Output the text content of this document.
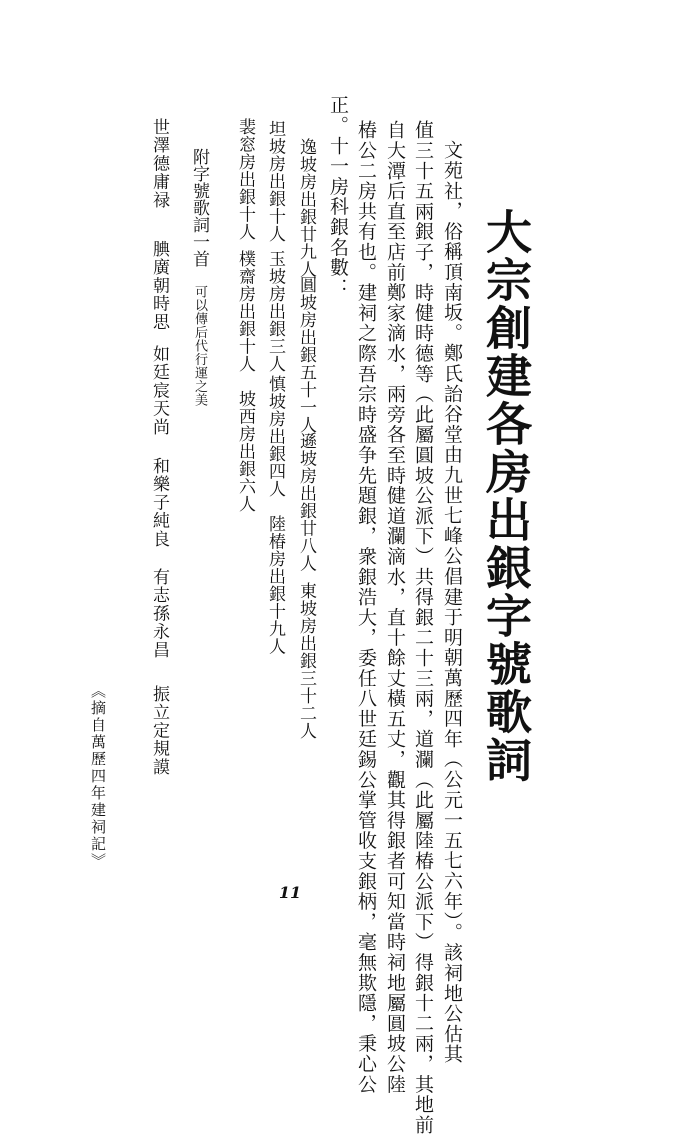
大宗創建各房出銀字號歌詞
文苑社，俗稱頂南坂。鄭氏詒谷堂由九世七峰公倡建于明朝萬歷四年（公元一五七六年）。該祠地公估其
值三十五兩銀子，時健時德等（此屬圓坡公派下）共得銀二十三兩，道瀾（此屬陸椿公派下）得銀十二兩，其地前
自大潭后直至店前鄭家滴水，兩旁各至時健道瀾滴水，直十餘丈橫五丈，觀其得銀者可知當時祠地屬圓坡公陸
椿公二房共有也。建祠之際吾宗時盛争先題銀，衆銀浩大，委任八世廷錫公掌管收支銀柄，毫無欺隱，秉心公
正。十一房科銀名數：
逸坡房出銀廿九人
圓坡房出銀五十一人
遜坡房出銀廿八人
東坡房出銀三十二人
坦坡房出銀十人
玉坡房出銀三人
慎坡房出銀四人
陸椿房出銀十九人
裴窓房出銀十人
樸齋房出銀十人
坡西房出銀六人
附字號歌詞一首
可以傳后代行運之美
世澤德庸禄
腆廣朝時思
如廷宸天尚
和樂子純良
有志孫永昌
振立定規謨
《摘自萬歷四年建祠記》
11
